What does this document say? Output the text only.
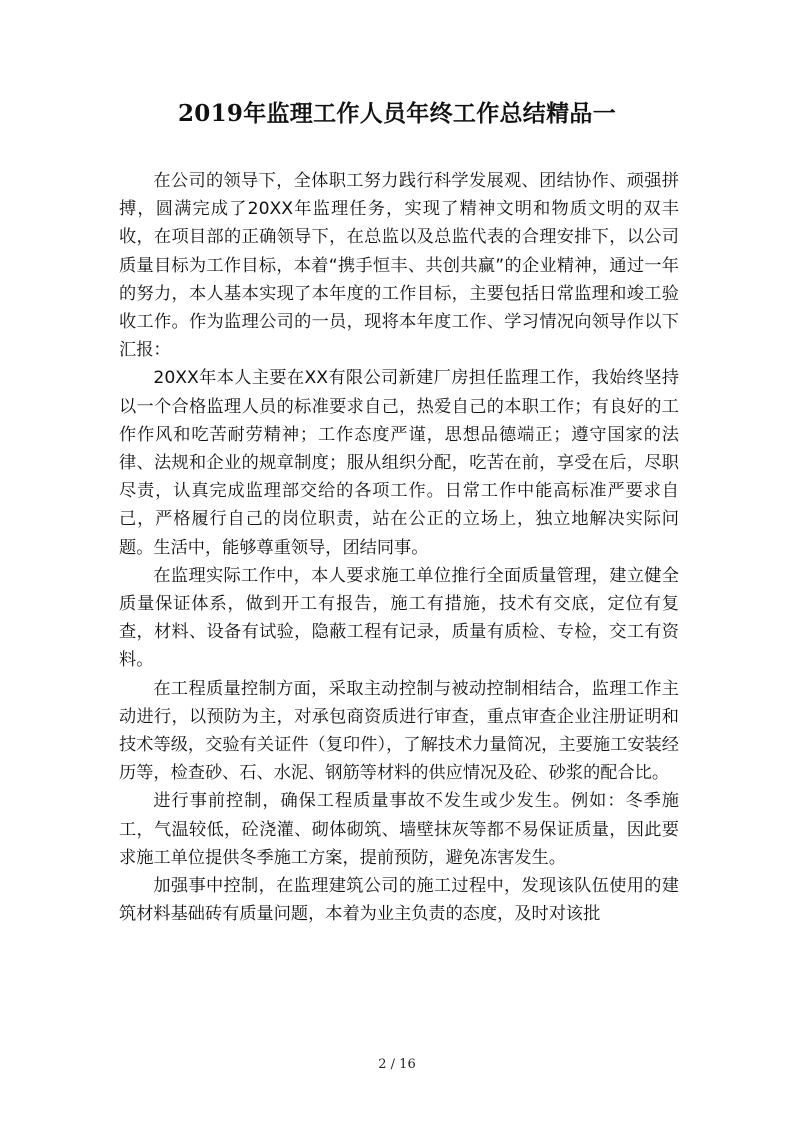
2019年监理工作人员年终工作总结精品一

在公司的领导下，全体职工努力践行科学发展观、团结协作、顽强拼搏，圆满完成了20XX年监理任务，实现了精神文明和物质文明的双丰收，在项目部的正确领导下，在总监以及总监代表的合理安排下，以公司质量目标为工作目标，本着“携手恒丰、共创共赢”的企业精神，通过一年的努力，本人基本实现了本年度的工作目标，主要包括日常监理和竣工验收工作。作为监理公司的一员，现将本年度工作、学习情况向领导作以下汇报：

20XX年本人主要在XX有限公司新建厂房担任监理工作，我始终坚持以一个合格监理人员的标准要求自己，热爱自己的本职工作；有良好的工作作风和吃苦耐劳精神；工作态度严谨，思想品德端正；遵守国家的法律、法规和企业的规章制度；服从组织分配，吃苦在前，享受在后，尽职尽责，认真完成监理部交给的各项工作。日常工作中能高标准严要求自己，严格履行自己的岗位职责，站在公正的立场上，独立地解决实际问题。生活中，能够尊重领导，团结同事。

在监理实际工作中，本人要求施工单位推行全面质量管理，建立健全质量保证体系，做到开工有报告，施工有措施，技术有交底，定位有复查，材料、设备有试验，隐蔽工程有记录，质量有质检、专检，交工有资料。

在工程质量控制方面，采取主动控制与被动控制相结合，监理工作主动进行，以预防为主，对承包商资质进行审查，重点审查企业注册证明和技术等级，交验有关证件（复印件），了解技术力量简况，主要施工安装经历等，检查砂、石、水泥、钢筋等材料的供应情况及砼、砂浆的配合比。

进行事前控制，确保工程质量事故不发生或少发生。例如：冬季施工，气温较低，砼浇灌、砌体砌筑、墙壁抹灰等都不易保证质量，因此要求施工单位提供冬季施工方案，提前预防，避免冻害发生。

加强事中控制，在监理建筑公司的施工过程中，发现该队伍使用的建筑材料基础砖有质量问题，本着为业主负责的态度，及时对该批

2 / 16
